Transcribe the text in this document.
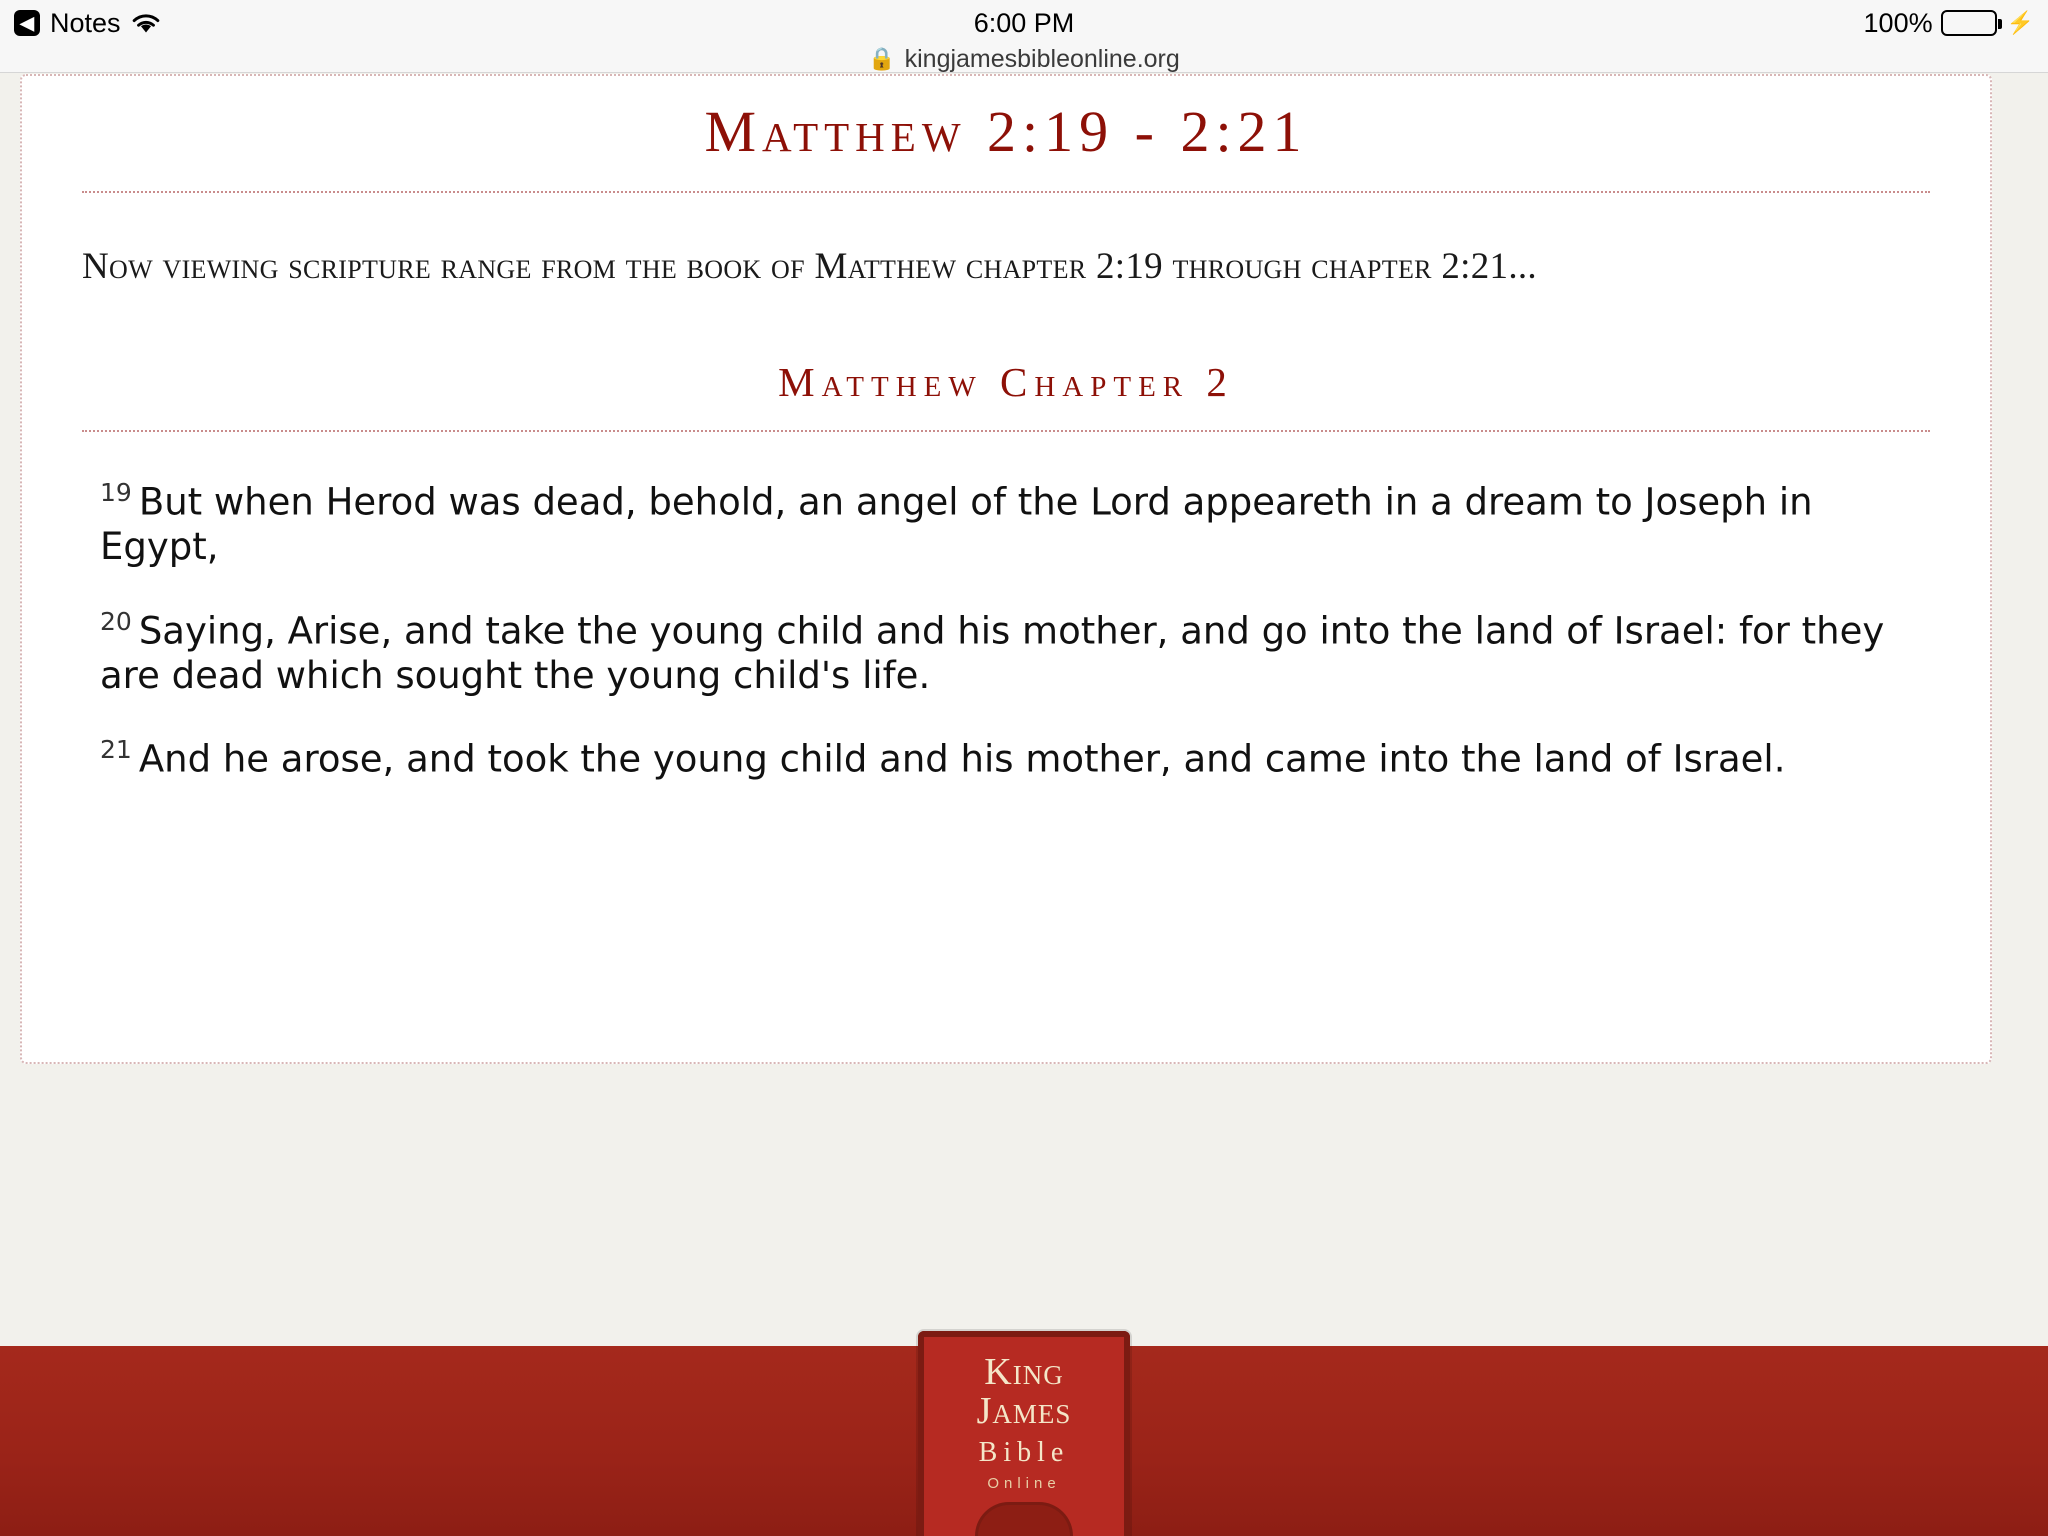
◀ Notes	6:00 PM	100%	⚡
🔒 kingjamesbibleonline.org
Matthew 2:19 - 2:21
Now viewing scripture range from the book of Matthew chapter 2:19 through chapter 2:21...
Matthew Chapter 2

$^{19}$ But when Herod was dead, behold, an angel of the Lord appeareth in a dream to Joseph in Egypt,

$^{20}$ Saying, Arise, and take the young child and his mother, and go into the land of Israel: for they are dead which sought the young child's life.

$^{21}$ And he arose, and took the young child and his mother, and came into the land of Israel.

King
James
Bible
Online
